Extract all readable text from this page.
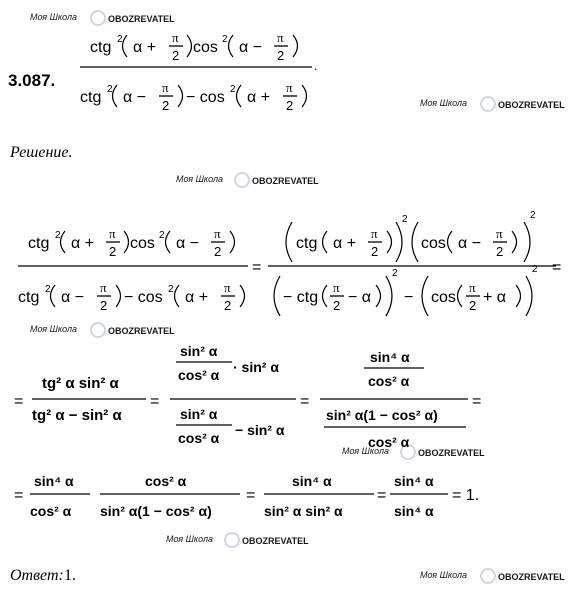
OBOZREVATEL
Моя Школа
OBOZREVATEL
Моя Школа
OBOZREVATEL
Моя Школа
OBOZREVATEL
Моя Школа
OBOZREVATEL
Моя Школа
OBOZREVATEL
Моя Школа
OBOZREVATEL
Моя Школа
3.087.
ctg 2 α +
π
2 cos 2 α −
π
2
.
ctg 2 α −
π
2 − cos 2 α +
π
2
Решение.
ctg 2 α +
π
2 cos 2 α −
π
2
ctg 2 α −
π
2 − cos 2 α +
π
2
=
ctg α +
π
2
2
cos α −
π
2
2
− ctg
π
2 − α
2
− cos
π
2 + α
2 =
=
tg² α sin² α
tg² α − sin² α
=
sin² α
cos² α · sin² α
sin² α
cos² α − sin² α
=
sin⁴ α
cos² α
sin² α(1 − cos² α)
cos² α
=
=
sin⁴ α
cos² α
cos² α
sin² α(1 − cos² α)
=
sin⁴ α
sin² α sin² α
=
sin⁴ α
sin⁴ α
= 1.
Ответ: 1.
